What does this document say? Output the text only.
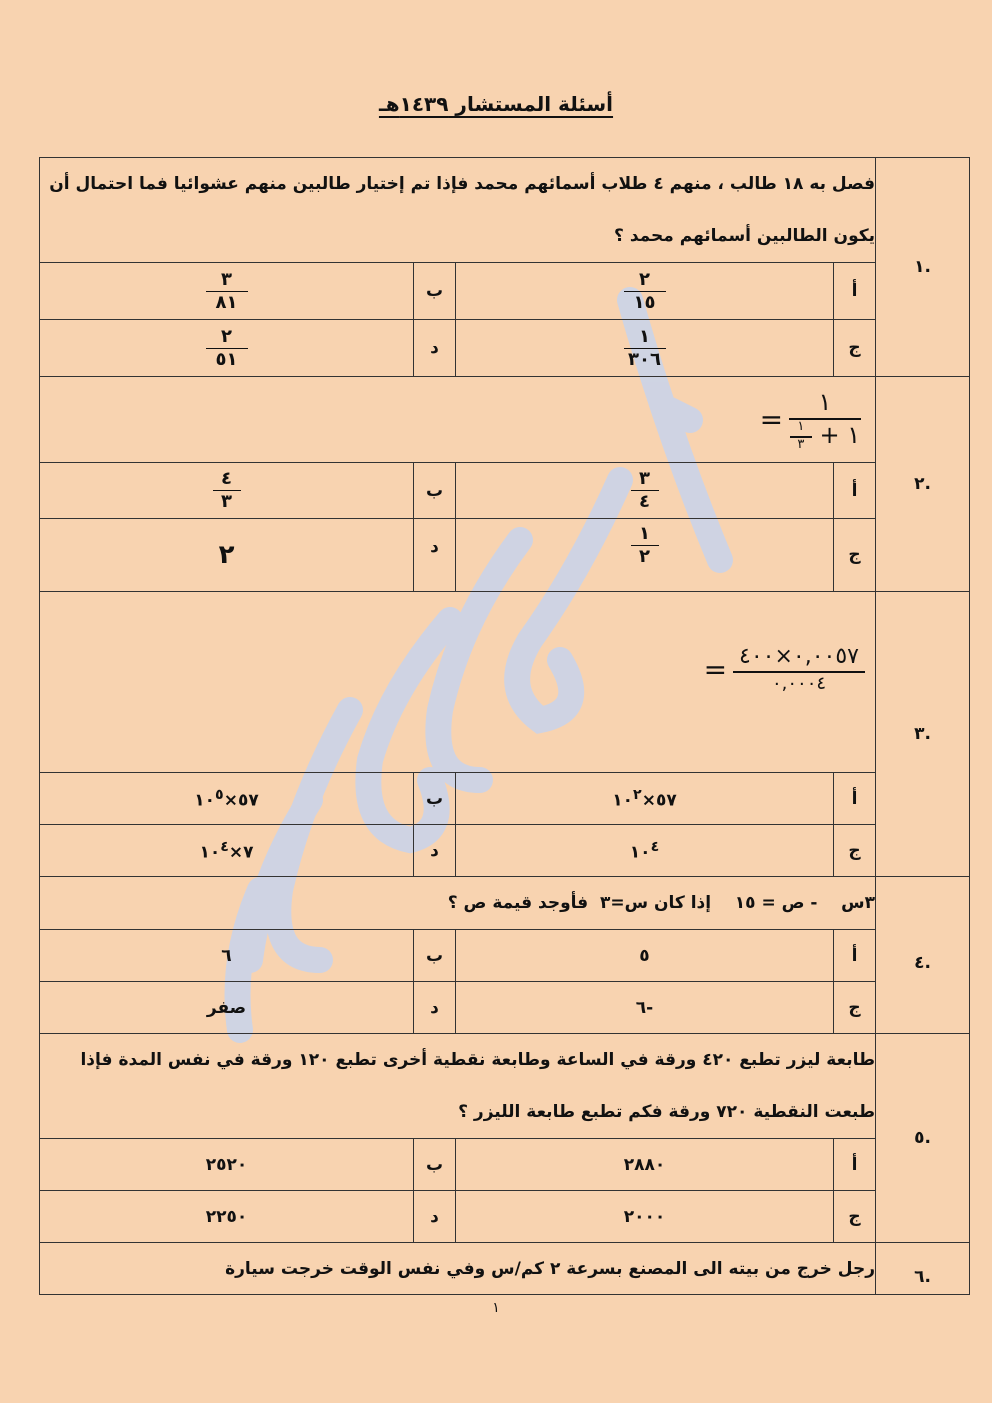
أسئلة المستشار ١٤٣٩هـ
.١	فصل به ١٨ طالب ، منهم ٤ طلاب أسمائهم محمد فإذا تم إختيار طالبين منهم عشوائيا فما احتمال أن يكون الطالبين أسمائهم محمد ؟			
	أ	$\frac{٢}{١٥}$	ب	$\frac{٣}{٨١}$

	ج	$\frac{١}{٣٠٦}$	د	$\frac{٢}{٥١}$

.٢	١
١ +
$\frac{١}{٣}$
=			
	أ	$\frac{٣}{٤}$	ب	$\frac{٤}{٣}$

	ج	$\frac{١}{٢}$	د	٢
.٣	٠,٠٠٥٧×٤٠٠
٠,٠٠٠٤
=			
	أ	$٥٧\times ١٠^٢$	ب	$٥٧\times ١٠^٥$
	ج	$١٠^٤$	د	$٧\times ١٠^٤$
.٤	٣س    - ص = ١٥    إذا كان س=٣  فأوجد قيمة ص ؟			
	أ	٥	ب	٦
	ج	-٦	د	صفر
.٥	طابعة ليزر تطبع ٤٢٠ ورقة في الساعة وطابعة نقطية أخرى تطبع ١٢٠ ورقة في نفس المدة فإذا طبعت النقطية ٧٢٠ ورقة فكم تطبع طابعة الليزر ؟			
	أ	٢٨٨٠	ب	٢٥٢٠
	ج	٢٠٠٠	د	٢٢٥٠
.٦	رجل خرج من بيته الى المصنع بسرعة ٢ كم/س وفي نفس الوقت خرجت سيارة			
١
